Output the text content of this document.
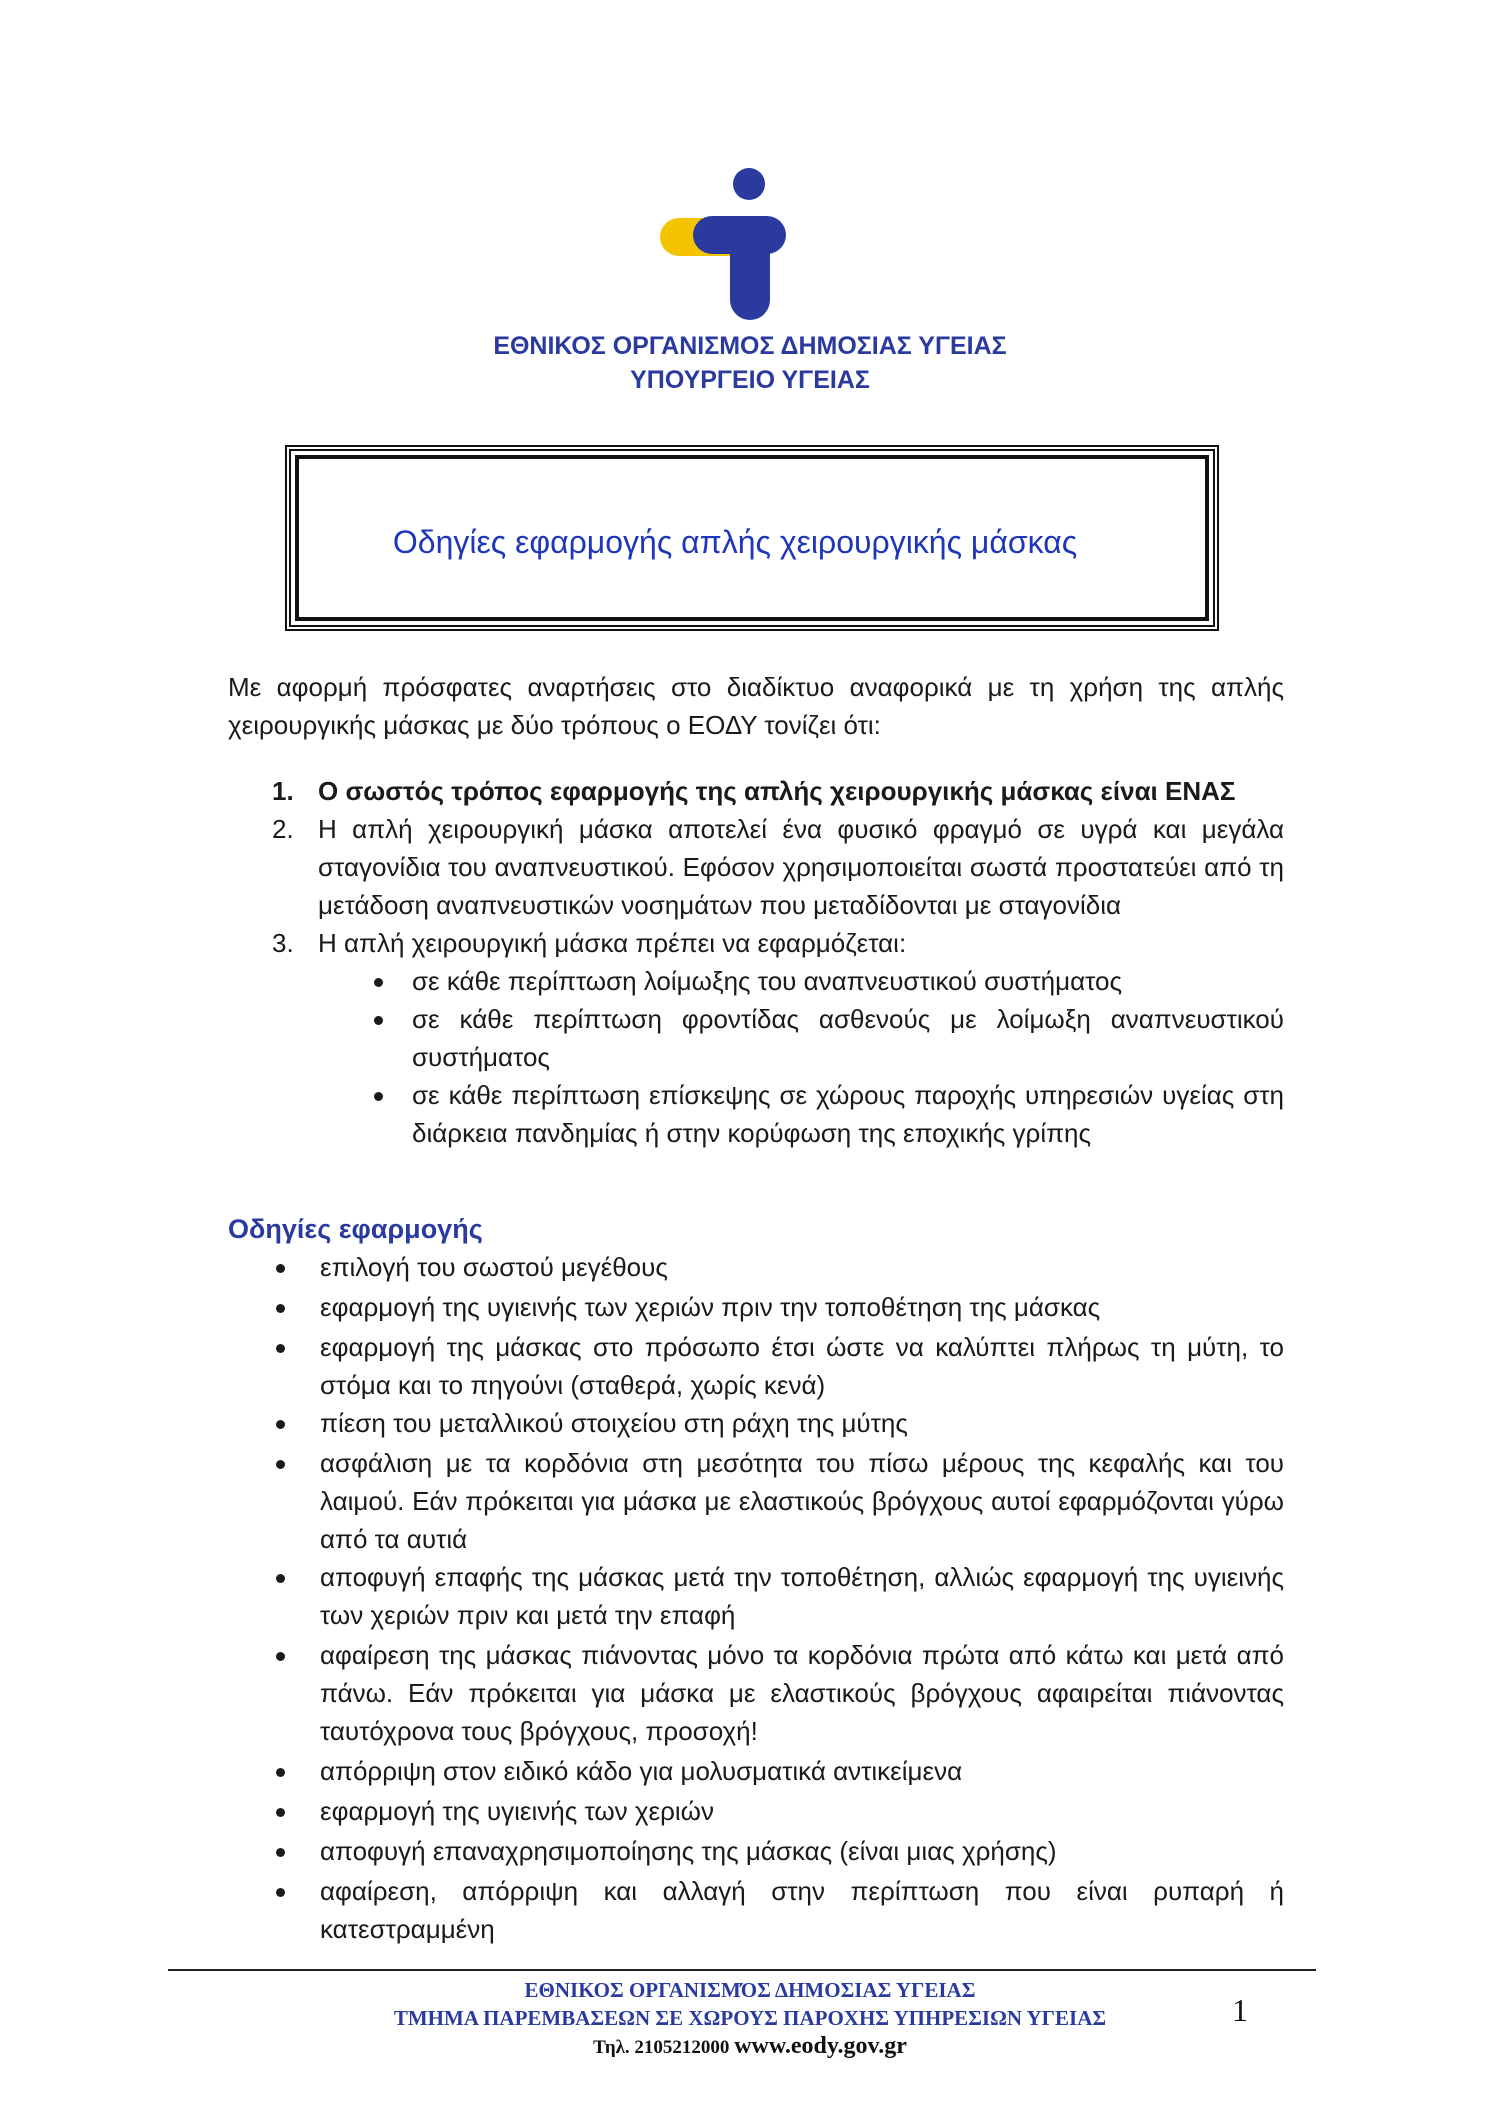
ΕΘΝΙΚΟΣ ΟΡΓΑΝΙΣΜΟΣ ΔΗΜΟΣΙΑΣ ΥΓΕΙΑΣ
ΥΠΟΥΡΓΕΙΟ ΥΓΕΙΑΣ
Οδηγίες εφαρμογής απλής χειρουργικής μάσκας
Με αφορμή πρόσφατες αναρτήσεις στο διαδίκτυο αναφορικά με τη χρήση της απλής χειρουργικής μάσκας με δύο τρόπους ο ΕΟΔΥ τονίζει ότι:
1. Ο σωστός τρόπος εφαρμογής της απλής χειρουργικής μάσκας είναι ΕΝΑΣ
2. Η απλή χειρουργική μάσκα αποτελεί ένα φυσικό φραγμό σε υγρά και μεγάλα σταγονίδια του αναπνευστικού. Εφόσον χρησιμοποιείται σωστά προστατεύει από τη μετάδοση αναπνευστικών νοσημάτων που μεταδίδονται με σταγονίδια
3. Η απλή χειρουργική μάσκα πρέπει να εφαρμόζεται:
σε κάθε περίπτωση λοίμωξης του αναπνευστικού συστήματος
σε κάθε περίπτωση φροντίδας ασθενούς με λοίμωξη αναπνευστικού συστήματος
σε κάθε περίπτωση επίσκεψης σε χώρους παροχής υπηρεσιών υγείας στη διάρκεια πανδημίας ή στην κορύφωση της εποχικής γρίπης
Οδηγίες εφαρμογής
επιλογή του σωστού μεγέθους
εφαρμογή της υγιεινής των χεριών πριν την τοποθέτηση της μάσκας
εφαρμογή της μάσκας στο πρόσωπο έτσι ώστε να καλύπτει πλήρως τη μύτη, το στόμα και το πηγούνι (σταθερά, χωρίς κενά)
πίεση του μεταλλικού στοιχείου στη ράχη της μύτης
ασφάλιση με τα κορδόνια στη μεσότητα του πίσω μέρους της κεφαλής και του λαιμού. Εάν πρόκειται για μάσκα με ελαστικούς βρόγχους αυτοί εφαρμόζονται γύρω από τα αυτιά
αποφυγή επαφής της μάσκας μετά την τοποθέτηση, αλλιώς εφαρμογή της υγιεινής των χεριών πριν και μετά την επαφή
αφαίρεση της μάσκας πιάνοντας μόνο τα κορδόνια πρώτα από κάτω και μετά από πάνω. Εάν πρόκειται για μάσκα με ελαστικούς βρόγχους αφαιρείται πιάνοντας ταυτόχρονα τους βρόγχους, προσοχή!
απόρριψη στον ειδικό κάδο για μολυσματικά αντικείμενα
εφαρμογή της υγιεινής των χεριών
αποφυγή επαναχρησιμοποίησης της μάσκας (είναι μιας χρήσης)
αφαίρεση, απόρριψη και αλλαγή στην περίπτωση που είναι ρυπαρή ή κατεστραμμένη
ΕΘΝΙΚΟΣ ΟΡΓΑΝΙΣΜΌΣ ΔΗΜΟΣΙΑΣ ΥΓΕΙΑΣ
ΤΜΗΜΑ ΠΑΡΕΜΒΑΣΕΩΝ ΣΕ ΧΩΡΟΥΣ ΠΑΡΟΧΗΣ ΥΠΗΡΕΣΙΩΝ ΥΓΕΙΑΣ
Τηλ. 2105212000 www.eody.gov.gr
1
